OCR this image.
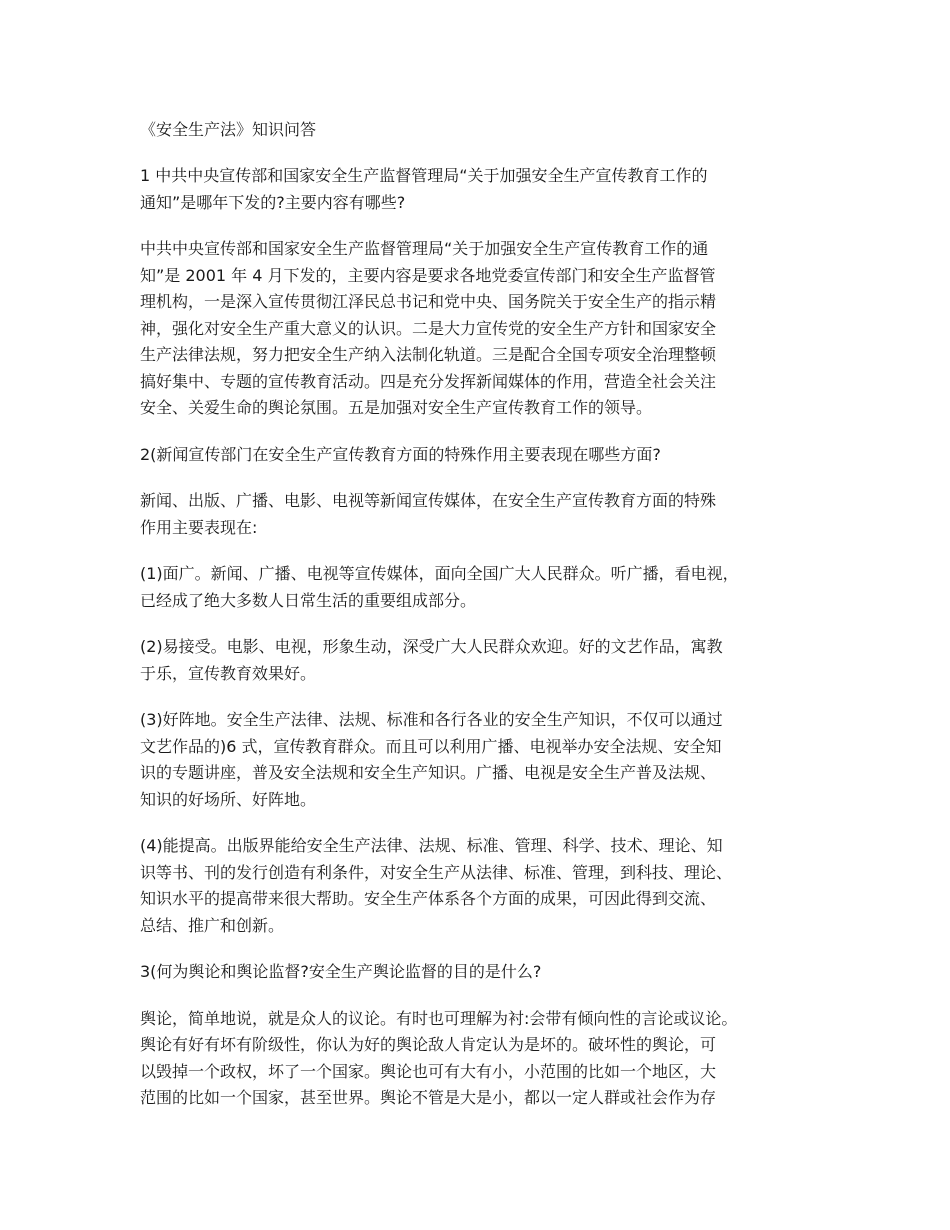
《安全生产法》知识问答
1 中共中央宣传部和国家安全生产监督管理局“关于加强安全生产宣传教育工作的
通知”是哪年下发的?主要内容有哪些?
中共中央宣传部和国家安全生产监督管理局“关于加强安全生产宣传教育工作的通
知”是 2001 年 4 月下发的，主要内容是要求各地党委宣传部门和安全生产监督管
理机构，一是深入宣传贯彻江泽民总书记和党中央、国务院关于安全生产的指示精
神，强化对安全生产重大意义的认识。二是大力宣传党的安全生产方针和国家安全
生产法律法规，努力把安全生产纳入法制化轨道。三是配合全国专项安全治理整顿
搞好集中、专题的宣传教育活动。四是充分发挥新闻媒体的作用，营造全社会关注
安全、关爱生命的舆论氛围。五是加强对安全生产宣传教育工作的领导。
2(新闻宣传部门在安全生产宣传教育方面的特殊作用主要表现在哪些方面?
新闻、出版、广播、电影、电视等新闻宣传媒体，在安全生产宣传教育方面的特殊
作用主要表现在:
(1)面广。新闻、广播、电视等宣传媒体，面向全国广大人民群众。听广播，看电视，
已经成了绝大多数人日常生活的重要组成部分。
(2)易接受。电影、电视，形象生动，深受广大人民群众欢迎。好的文艺作品，寓教
于乐，宣传教育效果好。
(3)好阵地。安全生产法律、法规、标准和各行各业的安全生产知识，不仅可以通过
文艺作品的)6 式，宣传教育群众。而且可以利用广播、电视举办安全法规、安全知
识的专题讲座，普及安全法规和安全生产知识。广播、电视是安全生产普及法规、
知识的好场所、好阵地。
(4)能提高。出版界能给安全生产法律、法规、标准、管理、科学、技术、理论、知
识等书、刊的发行创造有利条件，对安全生产从法律、标准、管理，到科技、理论、
知识水平的提高带来很大帮助。安全生产体系各个方面的成果，可因此得到交流、
总结、推广和创新。
3(何为舆论和舆论监督?安全生产舆论监督的目的是什么?
舆论，简单地说，就是众人的议论。有时也可理解为衬:会带有倾向性的言论或议论。
舆论有好有坏有阶级性，你认为好的舆论敌人肯定认为是坏的。破坏性的舆论，可
以毁掉一个政权，坏了一个国家。舆论也可有大有小，小范围的比如一个地区，大
范围的比如一个国家，甚至世界。舆论不管是大是小，都以一定人群或社会作为存
